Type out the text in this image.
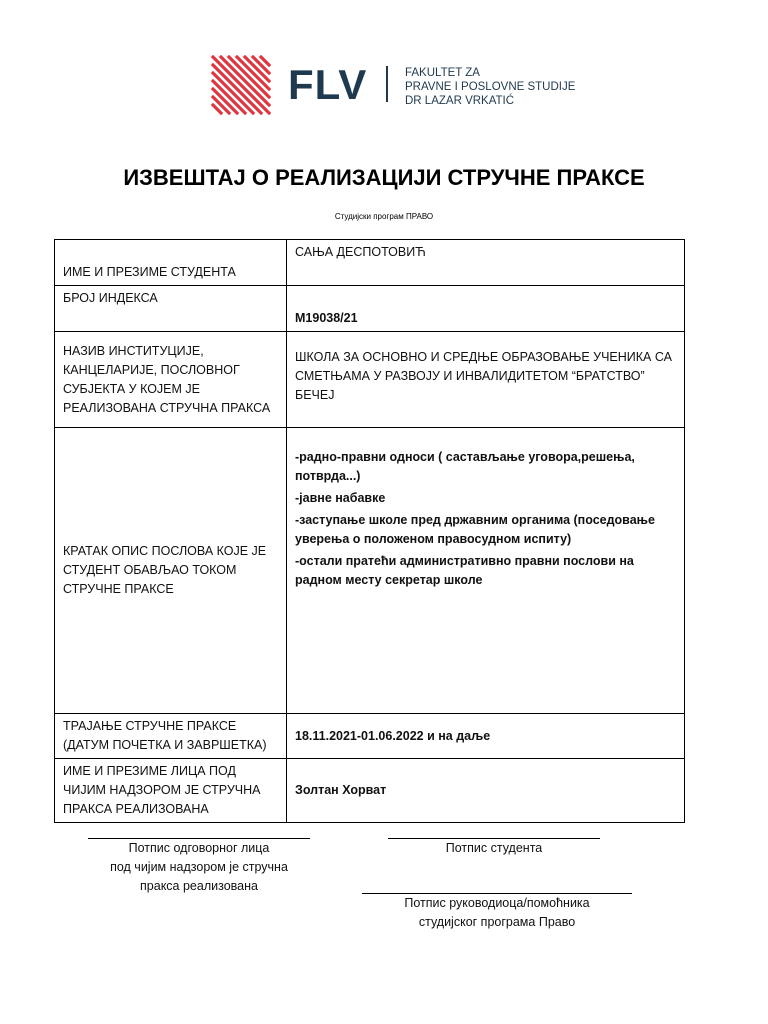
FLV	FAKULTET ZA
PRAVNE I POSLOVNE STUDIJE
DR LAZAR VRKATIĆ
ИЗВЕШТАЈ О РЕАЛИЗАЦИЈИ СТРУЧНЕ ПРАКСЕ
Студијски програм ПРАВО
ИМЕ И ПРЕЗИМЕ СТУДЕНТА	САЊА ДЕСПОТОВИЋ
БРОЈ ИНДЕКСА	M19038/21
НАЗИВ ИНСТИТУЦИЈЕ, КАНЦЕЛАРИЈЕ, ПОСЛОВНОГ СУБЈЕКТА У КОЈЕМ ЈЕ РЕАЛИЗОВАНА СТРУЧНА ПРАКСА	ШКОЛА ЗА ОСНОВНО И СРЕДЊЕ ОБРАЗОВАЊЕ УЧЕНИКА СА СМЕТЊАМА У РАЗВОЈУ И ИНВАЛИДИТЕТОМ “БРАТСТВО” БЕЧЕЈ
КРАТАК ОПИС ПОСЛОВА КОЈЕ ЈЕ СТУДЕНТ ОБАВЉАО ТОКОМ СТРУЧНЕ ПРАКСЕ	-радно-правни односи ( састављање уговора,решења, потврда...)
-јавне набавке
-заступање школе пред државним органима (поседовање уверења о положеном правосудном испиту)
-остали пратећи административно правни послови на радном месту секретар школе

ТРАЈАЊЕ СТРУЧНЕ ПРАКСЕ (ДАТУМ ПОЧЕТКА И ЗАВРШЕТКА)	18.11.2021-01.06.2022 и на даље
ИМЕ И ПРЕЗИМЕ ЛИЦА ПОД ЧИЈИМ НАДЗОРОМ ЈЕ СТРУЧНА ПРАКСА РЕАЛИЗОВАНА	Золтан Хорват
Потпис одговорног лица
под чијим надзором је стручна
пракса реализована
Потпис студента
Потпис руководиоца/помоћника
студијског програма Право
